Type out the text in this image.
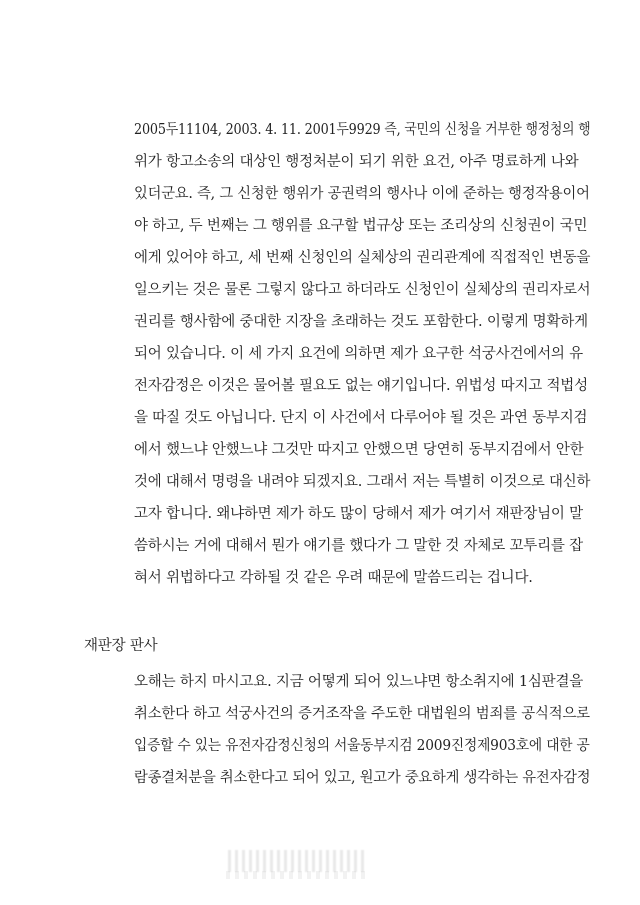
2005두11104, 2003. 4. 11. 2001두9929 즉, 국민의 신청을 거부한 행정청의 행
위가 항고소송의 대상인 행정처분이 되기 위한 요건, 아주 명료하게 나와
있더군요. 즉, 그 신청한 행위가 공권력의 행사나 이에 준하는 행정작용이어
야 하고, 두 번째는 그 행위를 요구할 법규상 또는 조리상의 신청권이 국민
에게 있어야 하고, 세 번째 신청인의 실체상의 권리관계에 직접적인 변동을
일으키는 것은 물론 그렇지 않다고 하더라도 신청인이 실체상의 권리자로서
권리를 행사함에 중대한 지장을 초래하는 것도 포함한다. 이렇게 명확하게
되어 있습니다. 이 세 가지 요건에 의하면 제가 요구한 석궁사건에서의 유
전자감정은 이것은 물어볼 필요도 없는 얘기입니다. 위법성 따지고 적법성
을 따질 것도 아닙니다. 단지 이 사건에서 다루어야 될 것은 과연 동부지검
에서 했느냐 안했느냐 그것만 따지고 안했으면 당연히 동부지검에서 안한
것에 대해서 명령을 내려야 되겠지요. 그래서 저는 특별히 이것으로 대신하
고자 합니다. 왜냐하면 제가 하도 많이 당해서 제가 여기서 재판장님이 말
씀하시는 거에 대해서 뭔가 얘기를 했다가 그 말한 것 자체로 꼬투리를 잡
혀서 위법하다고 각하될 것 같은 우려 때문에 말씀드리는 겁니다.
재판장 판사
오해는 하지 마시고요. 지금 어떻게 되어 있느냐면 항소취지에 1심판결을
취소한다 하고 석궁사건의 증거조작을 주도한 대법원의 범죄를 공식적으로
입증할 수 있는 유전자감정신청의 서울동부지검 2009진정제903호에 대한 공
람종결처분을 취소한다고 되어 있고, 원고가 중요하게 생각하는 유전자감정
